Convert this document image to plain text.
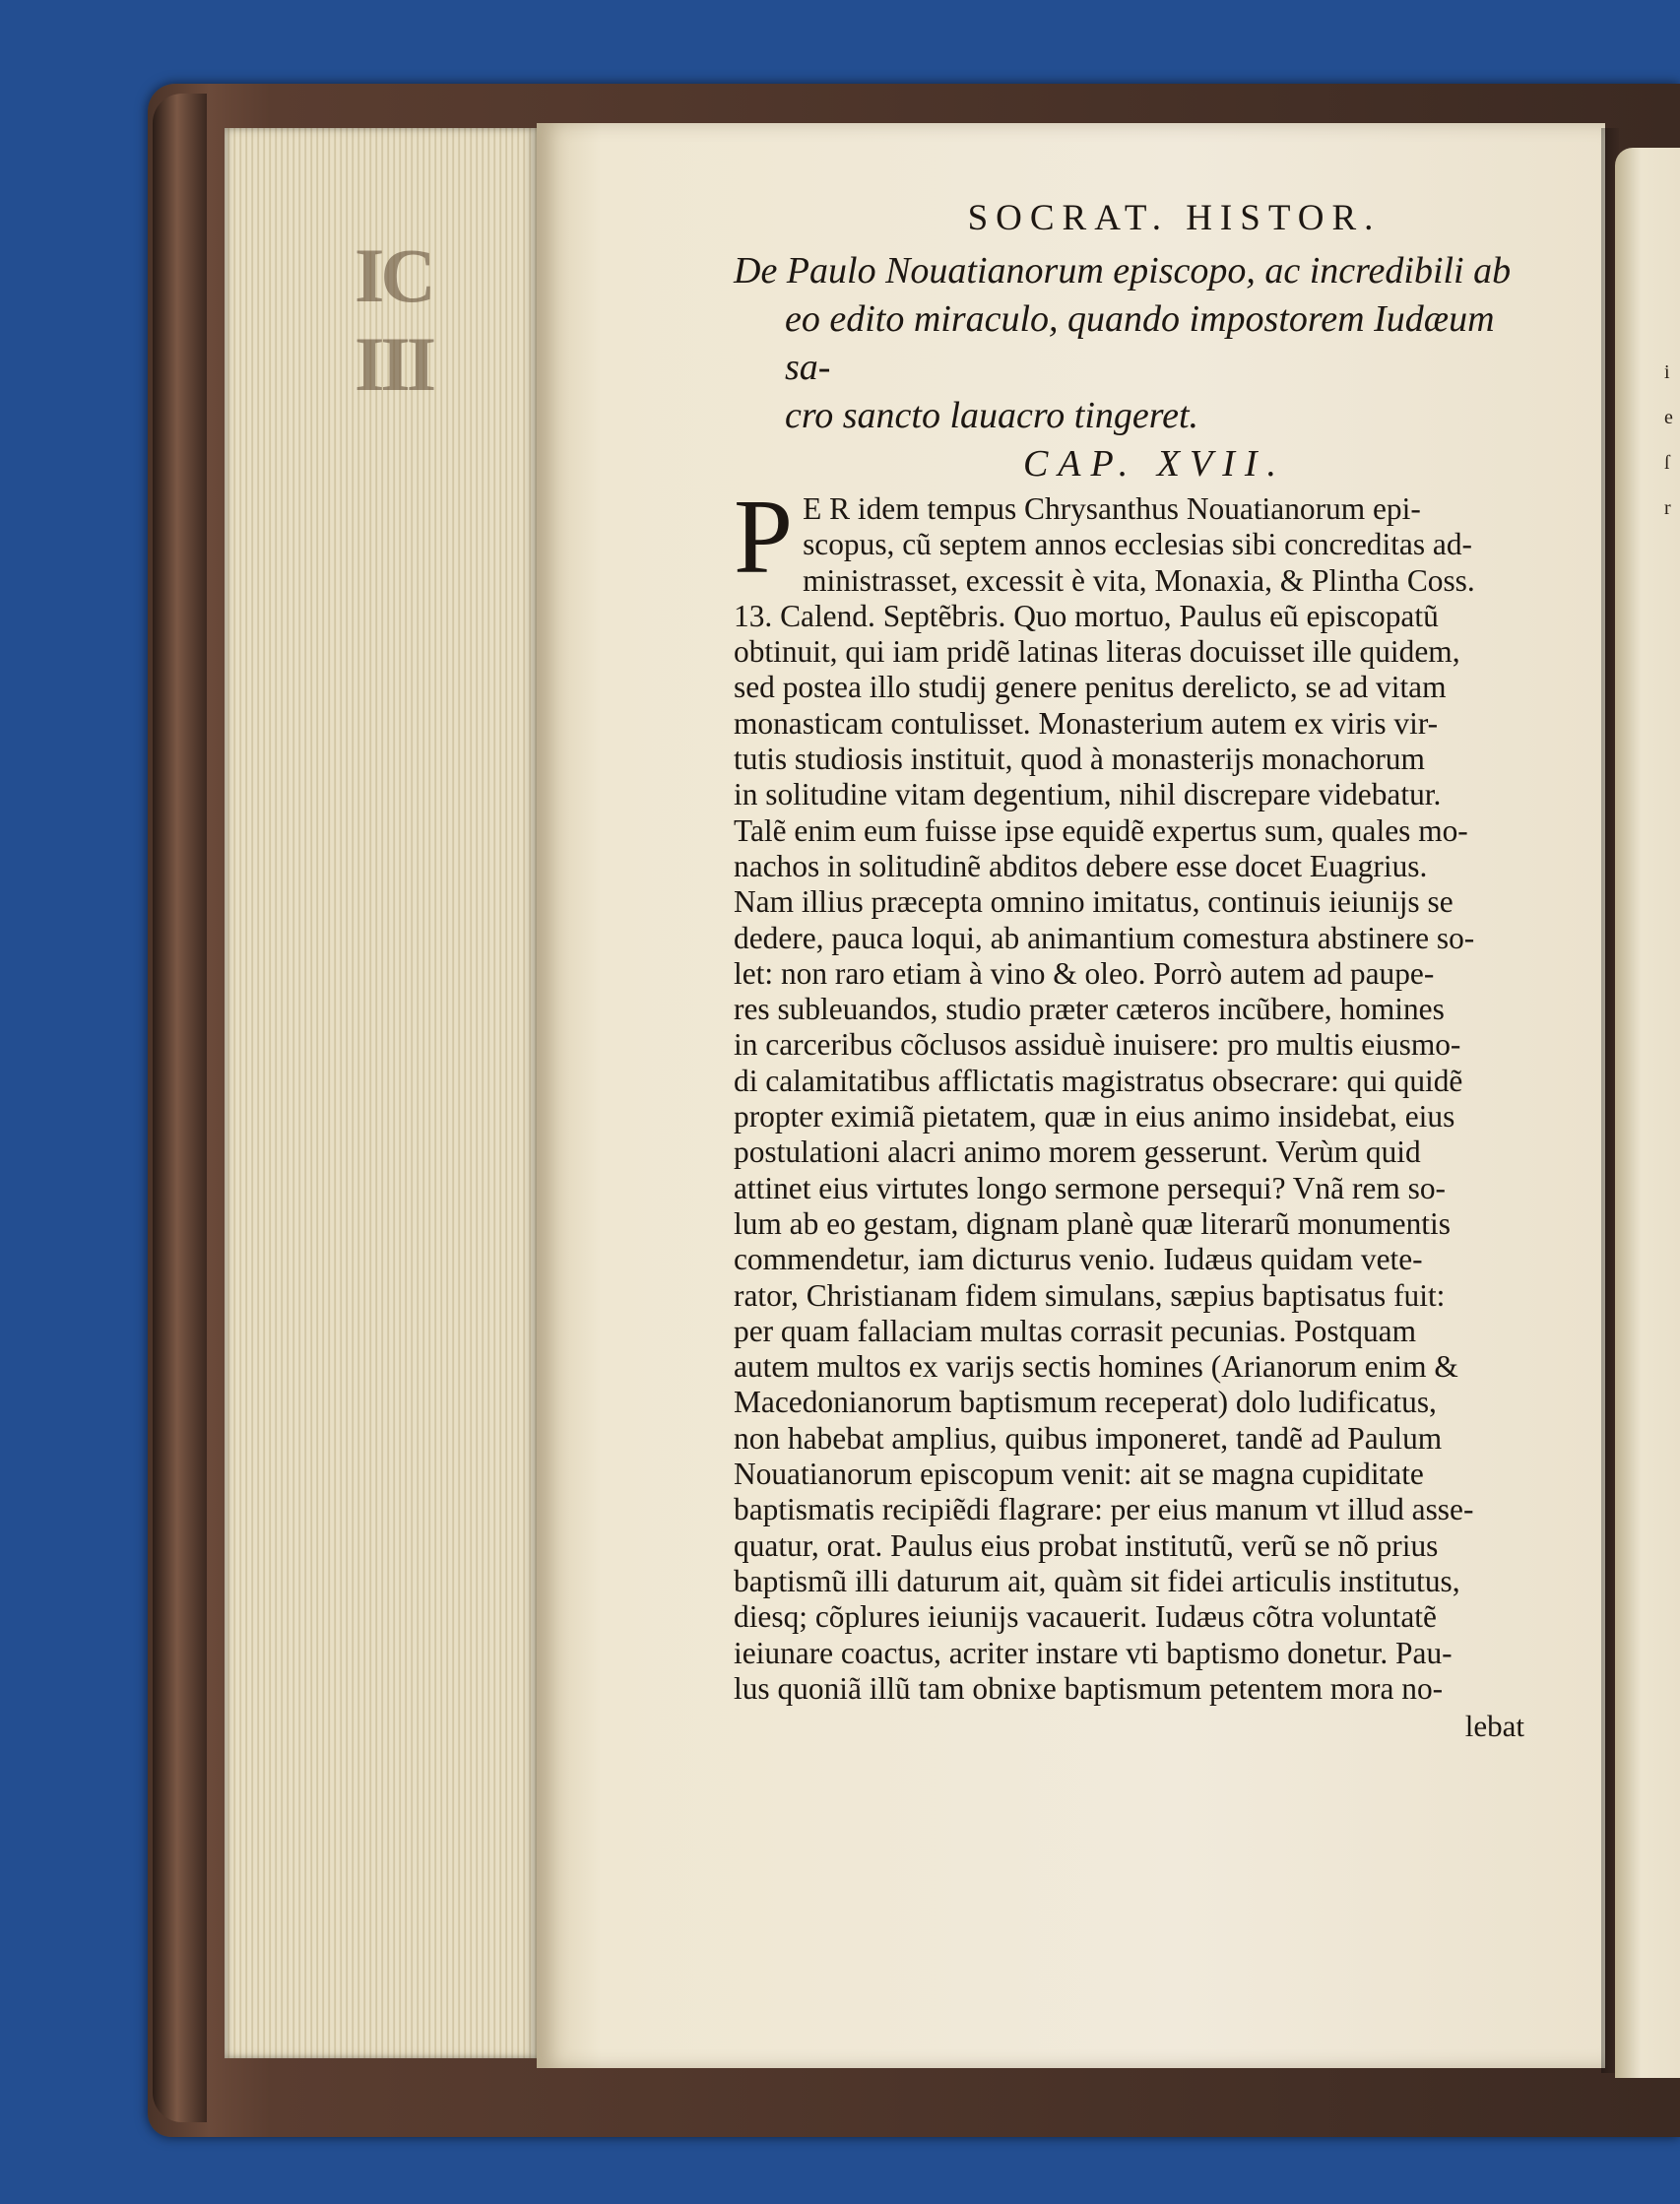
IC III	i
e
ſ
r
SOCRAT. HISTOR.
De Paulo Nouatianorum episcopo, ac incredibili ab
eo edito miraculo, quando impostorem Iudæum sa-
cro sancto lauacro tingeret.
CAP. XVII.
P E R idem tempus Chrysanthus Nouatianorum epi-
scopus, cũ septem annos ecclesias sibi concreditas ad-
ministrasset, excessit è vita, Monaxia, & Plintha Coss.
13. Calend. Septẽbris. Quo mortuo, Paulus eũ episcopatũ
obtinuit, qui iam pridẽ latinas literas docuisset ille quidem,
sed postea illo studij genere penitus derelicto, se ad vitam
monasticam contulisset. Monasterium autem ex viris vir-
tutis studiosis instituit, quod à monasterijs monachorum
in solitudine vitam degentium, nihil discrepare videbatur.
Talẽ enim eum fuisse ipse equidẽ expertus sum, quales mo-
nachos in solitudinẽ abditos debere esse docet Euagrius.
Nam illius præcepta omnino imitatus, continuis ieiunijs se
dedere, pauca loqui, ab animantium comestura abstinere so-
let: non raro etiam à vino & oleo. Porrò autem ad paupe-
res subleuandos, studio præter cæteros incũbere, homines
in carceribus cõclusos assiduè inuisere: pro multis eiusmo-
di calamitatibus afflictatis magistratus obsecrare: qui quidẽ
propter eximiã pietatem, quæ in eius animo insidebat, eius
postulationi alacri animo morem gesserunt. Verùm quid
attinet eius virtutes longo sermone persequi? Vnã rem so-
lum ab eo gestam, dignam planè quæ literarũ monumentis
commendetur, iam dicturus venio. Iudæus quidam vete-
rator, Christianam fidem simulans, sæpius baptisatus fuit:
per quam fallaciam multas corrasit pecunias. Postquam
autem multos ex varijs sectis homines (Arianorum enim &
Macedonianorum baptismum receperat) dolo ludificatus,
non habebat amplius, quibus imponeret, tandẽ ad Paulum
Nouatianorum episcopum venit: ait se magna cupiditate
baptismatis recipiẽdi flagrare: per eius manum vt illud asse-
quatur, orat. Paulus eius probat institutũ, verũ se nõ prius
baptismũ illi daturum ait, quàm sit fidei articulis institutus,
diesq; cõplures ieiunijs vacauerit. Iudæus cõtra voluntatẽ
ieiunare coactus, acriter instare vti baptismo donetur. Pau-
lus quoniã illũ tam obnixe baptismum petentem mora no-
lebat
